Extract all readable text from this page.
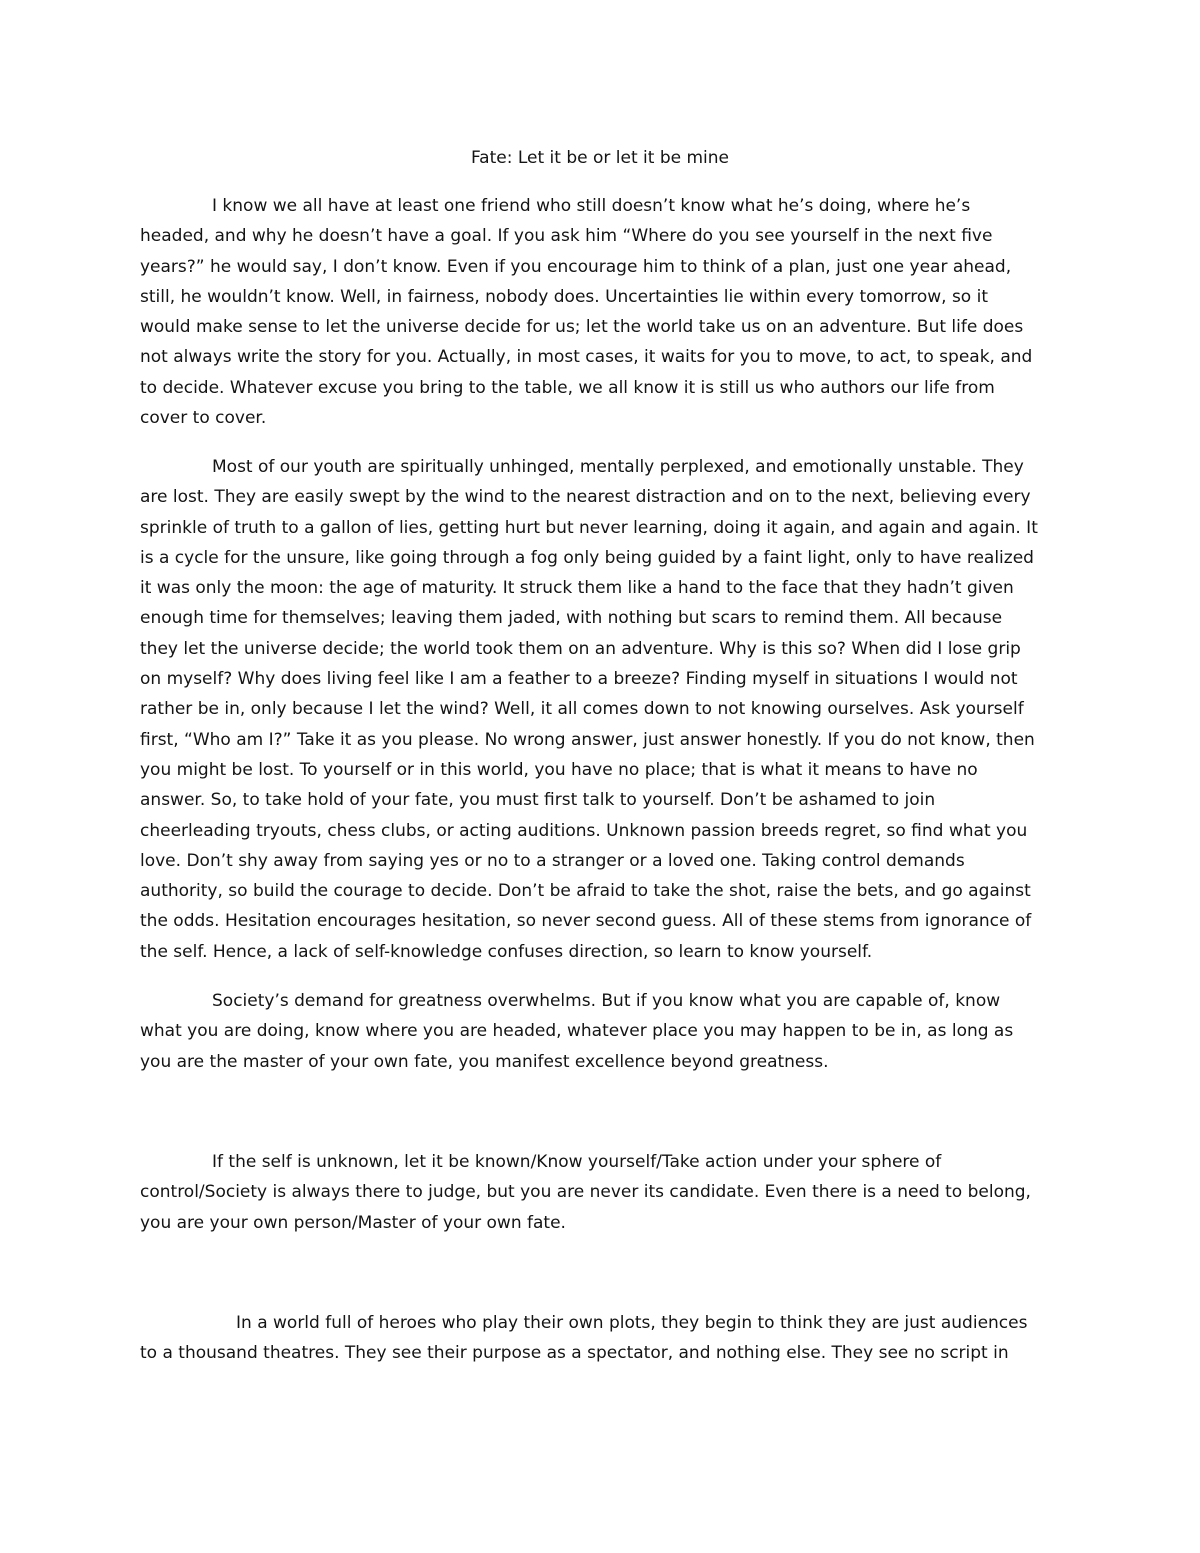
Fate: Let it be or let it be mine
I know we all have at least one friend who still doesn’t know what he’s doing, where he’s
headed, and why he doesn’t have a goal. If you ask him “Where do you see yourself in the next five
years?” he would say, I don’t know. Even if you encourage him to think of a plan, just one year ahead,
still, he wouldn’t know. Well, in fairness, nobody does. Uncertainties lie within every tomorrow, so it
would make sense to let the universe decide for us; let the world take us on an adventure. But life does
not always write the story for you. Actually, in most cases, it waits for you to move, to act, to speak, and
to decide. Whatever excuse you bring to the table, we all know it is still us who authors our life from
cover to cover.
Most of our youth are spiritually unhinged, mentally perplexed, and emotionally unstable. They
are lost. They are easily swept by the wind to the nearest distraction and on to the next, believing every
sprinkle of truth to a gallon of lies, getting hurt but never learning, doing it again, and again and again. It
is a cycle for the unsure, like going through a fog only being guided by a faint light, only to have realized
it was only the moon: the age of maturity. It struck them like a hand to the face that they hadn’t given
enough time for themselves; leaving them jaded, with nothing but scars to remind them. All because
they let the universe decide; the world took them on an adventure. Why is this so? When did I lose grip
on myself? Why does living feel like I am a feather to a breeze? Finding myself in situations I would not
rather be in, only because I let the wind? Well, it all comes down to not knowing ourselves. Ask yourself
first, “Who am I?” Take it as you please. No wrong answer, just answer honestly. If you do not know, then
you might be lost. To yourself or in this world, you have no place; that is what it means to have no
answer. So, to take hold of your fate, you must first talk to yourself. Don’t be ashamed to join
cheerleading tryouts, chess clubs, or acting auditions. Unknown passion breeds regret, so find what you
love. Don’t shy away from saying yes or no to a stranger or a loved one. Taking control demands
authority, so build the courage to decide. Don’t be afraid to take the shot, raise the bets, and go against
the odds. Hesitation encourages hesitation, so never second guess. All of these stems from ignorance of
the self. Hence, a lack of self-knowledge confuses direction, so learn to know yourself.
Society’s demand for greatness overwhelms. But if you know what you are capable of, know
what you are doing, know where you are headed, whatever place you may happen to be in, as long as
you are the master of your own fate, you manifest excellence beyond greatness.
If the self is unknown, let it be known/Know yourself/Take action under your sphere of
control/Society is always there to judge, but you are never its candidate. Even there is a need to belong,
you are your own person/Master of your own fate.
In a world full of heroes who play their own plots, they begin to think they are just audiences
to a thousand theatres. They see their purpose as a spectator, and nothing else. They see no script in
